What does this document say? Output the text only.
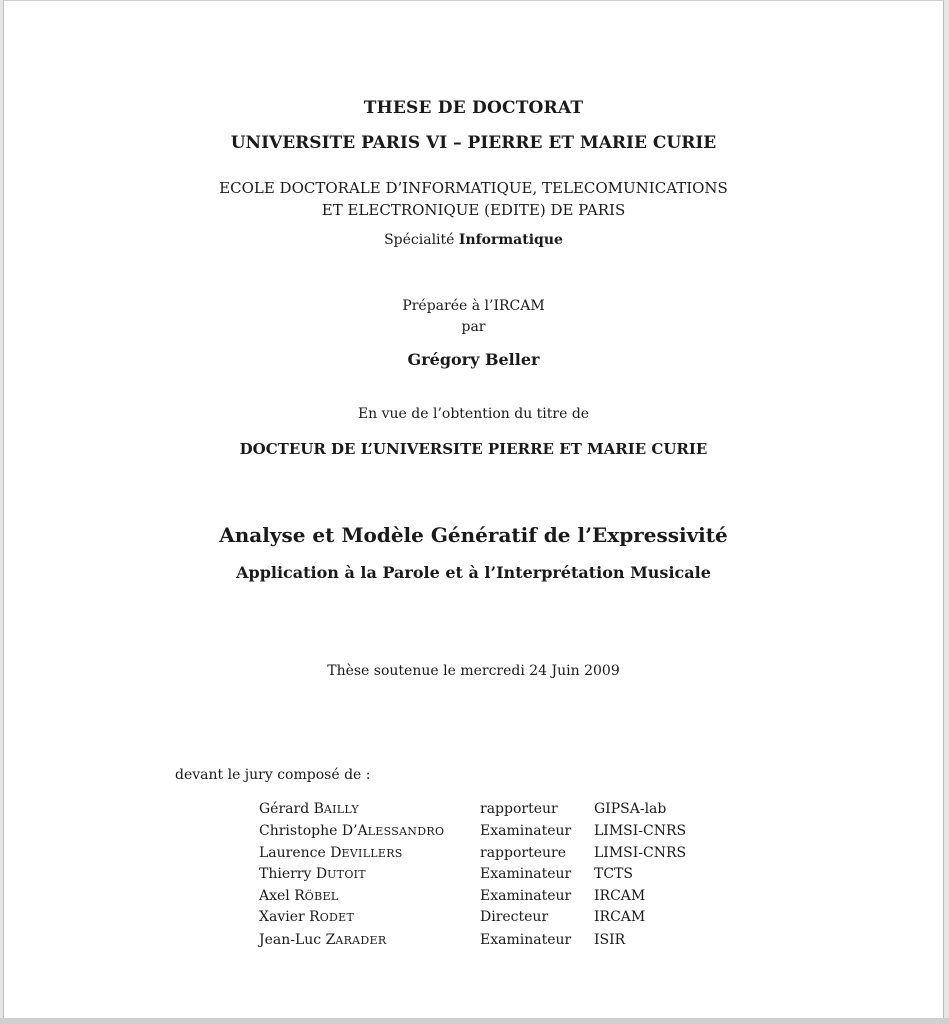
THESE DE DOCTORAT
UNIVERSITE PARIS VI – PIERRE ET MARIE CURIE
ECOLE DOCTORALE D’INFORMATIQUE, TELECOMUNICATIONS
ET ELECTRONIQUE (EDITE) DE PARIS
Spécialité Informatique
Préparée à l’IRCAM
par
Grégory Beller
En vue de l’obtention du titre de
DOCTEUR DE L’UNIVERSITE PIERRE ET MARIE CURIE
Analyse et Modèle Génératif de l’Expressivité
Application à la Parole et à l’Interprétation Musicale
Thèse soutenue le mercredi 24 Juin 2009
devant le jury composé de :
Gérard BAILLY	rapporteur	GIPSA-lab
Christophe D’ALESSANDRO	Examinateur LIMSI-CNRS
Laurence DEVILLERS	rapporteure LIMSI-CNRS
Thierry DUTOIT	Examinateur TCTS
Axel RÖBEL	Examinateur IRCAM
Xavier RODET	Directeur	IRCAM
Jean-Luc ZARADER	Examinateur ISIR
